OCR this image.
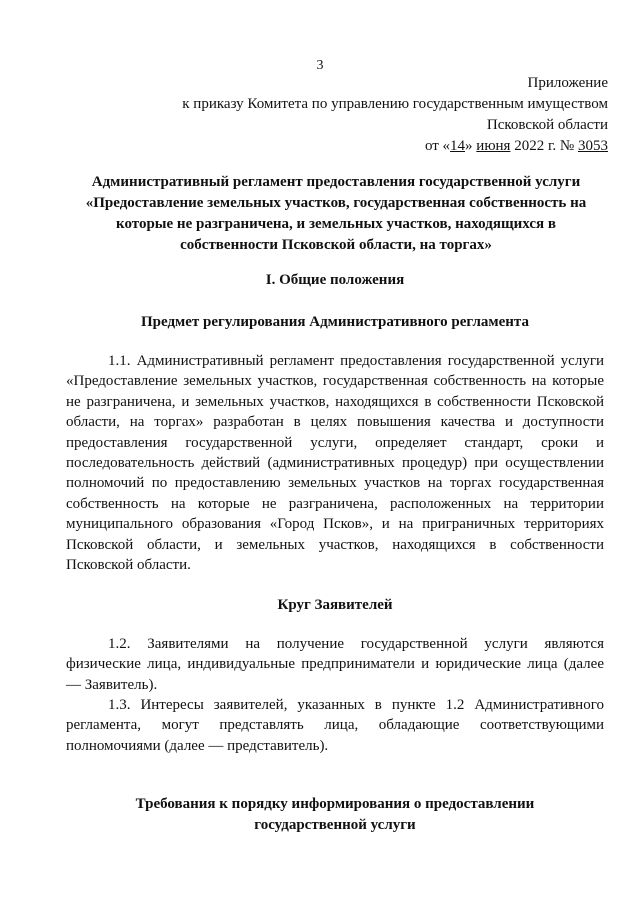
3
Приложение
к приказу Комитета по управлению государственным имуществом
Псковской области
от «14» июня 2022 г. № 3053
Административный регламент предоставления государственной услуги «Предоставление земельных участков, государственная собственность на которые не разграничена, и земельных участков, находящихся в собственности Псковской области, на торгах»
I. Общие положения
Предмет регулирования Административного регламента

1.1. Административный регламент предоставления государственной услуги «Предоставление земельных участков, государственная собственность на которые не разграничена, и земельных участков, находящихся в собственности Псковской области, на торгах» разработан в целях повышения качества и доступности предоставления государственной услуги, определяет стандарт, сроки и последовательность действий (административных процедур) при осуществлении полномочий по предоставлению земельных участков на торгах государственная собственность на которые не разграничена, расположенных на территории муниципального образования «Город Псков», и на приграничных территориях Псковской области, и земельных участков, находящихся в собственности Псковской области.

Круг Заявителей

1.2. Заявителями на получение государственной услуги являются физические лица, индивидуальные предприниматели и юридические лица (далее — Заявитель).

1.3. Интересы заявителей, указанных в пункте 1.2 Административного регламента, могут представлять лица, обладающие соответствующими полномочиями (далее — представитель).

Требования к порядку информирования о предоставлении
государственной услуги
